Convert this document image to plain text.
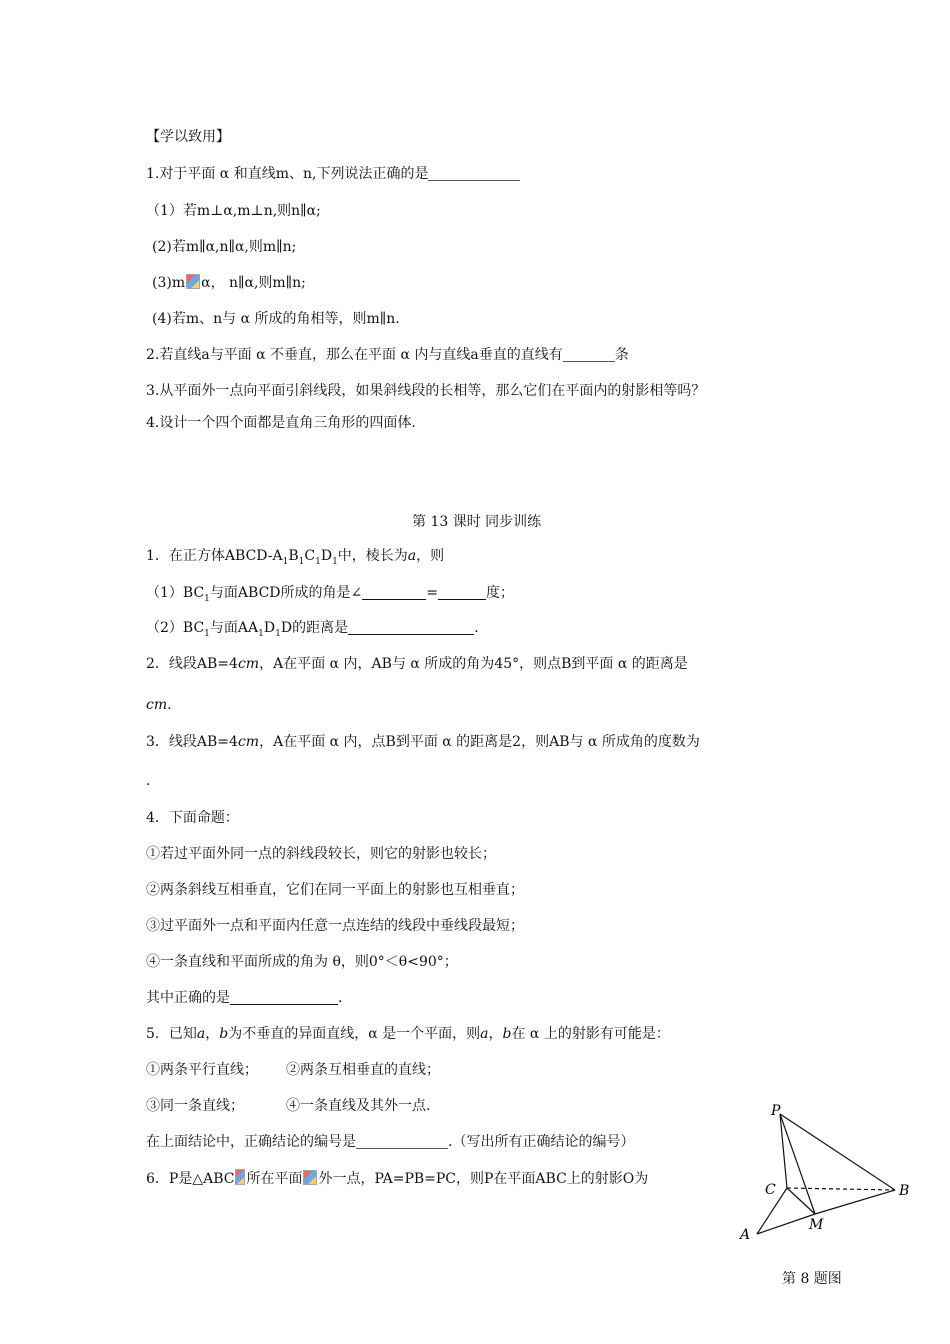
【学以致用】
1.对于平面 α 和直线m、n,下列说法正确的是
（1）若m⊥α,m⊥n,则n∥α;
(2)若m∥α,n∥α,则m∥n;
(3)m α， n∥α,则m∥n;
(4)若m、n与 α 所成的角相等，则m∥n.
2.若直线a与平面 α 不垂直，那么在平面 α 内与直线a垂直的直线有	条
3.从平面外一点向平面引斜线段，如果斜线段的长相等，那么它们在平面内的射影相等吗？
4.设计一个四个面都是直角三角形的四面体.
第 13 课时 同步训练
1．在正方体ABCD-$A_1B_1C_1D_1$中，棱长为a，则
$(1)BC_1$与面ABCD所成的角是∠	=	度；
$(2)BC_1$与面$AA_1D_1D$的距离是	.
2．线段AB=4cm，A在平面 α 内，AB与 α 所成的角为45°，则点B到平面 α 的距离是
cm.
3．线段AB=4cm，A在平面 α 内，点B到平面 α 的距离是2，则AB与 α 所成角的度数为
.
4．下面命题：
①若过平面外同一点的斜线段较长，则它的射影也较长；
②两条斜线互相垂直，它们在同一平面上的射影也互相垂直；
③过平面外一点和平面内任意一点连结的线段中垂线段最短；
④一条直线和平面所成的角为 θ，则0°＜θ<90°；
其中正确的是	.
5．已知a，b为不垂直的异面直线，α 是一个平面，则a，b在 α 上的射影有可能是：
①两条平行直线； ②两条互相垂直的直线；
③同一条直线；	④一条直线及其外一点.
在上面结论中，正确结论的编号是	.（写出所有正确结论的编号）
6．P是△ABC 所在平面 外一点，PA=PB=PC，则P在平面ABC上的射影O为
P
C	B
A
M
第 8 题图
